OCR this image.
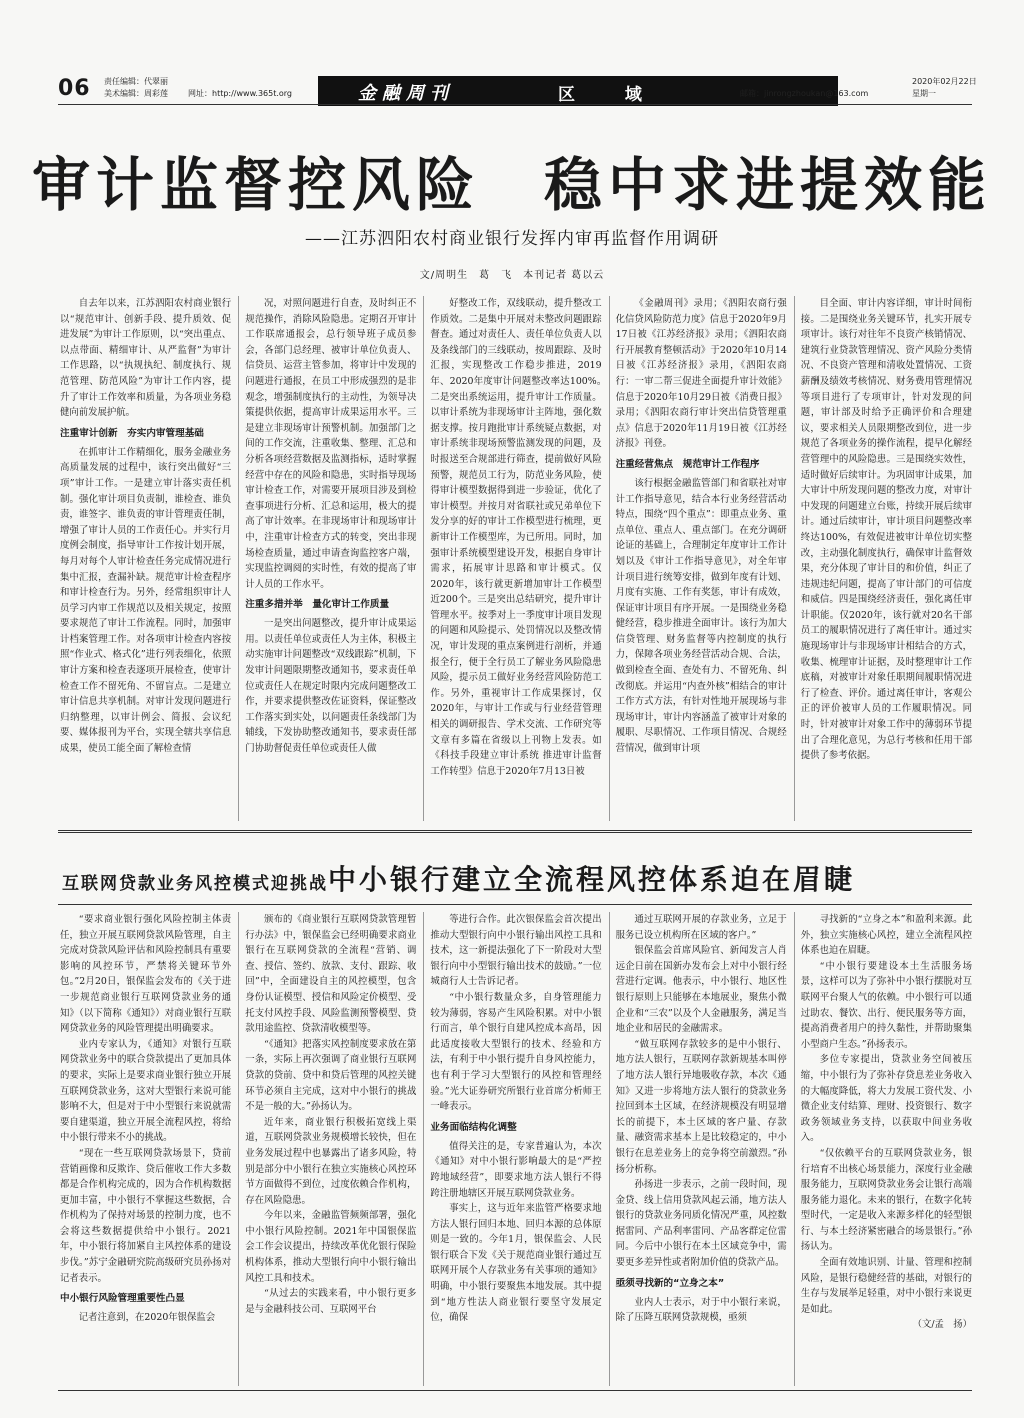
06 责任编辑：代翠丽
美术编辑：周彩莲	网址：http://www.365t.org	金融周刊	区 域	邮箱：jinrongzhoukan@163.com
2020年02月22日
星期一
审计监督控风险　稳中求进提效能
——江苏泗阳农村商业银行发挥内审再监督作用调研
文/周明生　葛　飞　本刊记者 葛以云

自去年以来，江苏泗阳农村商业银行以“规范审计、创新手段、提升质效、促进发展”为审计工作原则，以“突出重点、以点带面、精细审计、从严监督”为审计工作思路，以“执规执纪、制度执行、规范管理、防范风险”为审计工作内容，提升了审计工作效率和质量，为各项业务稳健向前发展护航。

注重审计创新　夯实内审管理基础

在抓审计工作精细化，服务金融业务高质量发展的过程中，该行突出做好“三项”审计工作。一是建立审计落实责任机制。强化审计项目负责制，谁检查、谁负责，谁签字、谁负责的审计管理责任制，增强了审计人员的工作责任心。并实行月度例会制度，指导审计工作按计划开展，每月对每个人审计检查任务完成情况进行集中汇报，查漏补缺。规范审计检查程序和审计检查行为。另外，经常组织审计人员学习内审工作规范以及相关规定，按照要求规范了审计工作流程。同时，加强审计档案管理工作。对各项审计检查内容按照“作业式、格式化”进行列表细化，依照审计方案和检查表逐项开展检查，使审计检查工作不留死角、不留盲点。二是建立审计信息共享机制。对审计发现问题进行归纳整理，以审计例会、简报、会议纪要、媒体报刊为平台，实现全辖共享信息成果，使员工能全面了解检查情

况，对照问题进行自查，及时纠正不规范操作，消除风险隐患。定期召开审计工作联席通报会，总行领导班子成员参会，各部门总经理、被审计单位负责人、信贷员、运营主管参加，将审计中发现的问题进行通报，在员工中形成强烈的是非观念，增强制度执行的主动性，为领导决策提供依据，提高审计成果运用水平。三是建立非现场审计预警机制。加强部门之间的工作交流，注重收集、整理、汇总和分析各项经营数据及监测指标，适时掌握经营中存在的风险和隐患，实时指导现场审计检查工作，对需要开展项目涉及到检查事项进行分析、汇总和运用，极大的提高了审计效率。在非现场审计和现场审计中，注重审计检查方式的转变，突出非现场检查质量，通过申请查询监控客户端，实现监控调阅的实时性，有效的提高了审计人员的工作水平。

注重多措并举　量化审计工作质量

一是突出问题整改，提升审计成果运用。以责任单位或责任人为主体，积极主动实施审计问题整改“双线跟踪”机制，下发审计问题限期整改通知书，要求责任单位或责任人在规定时限内完成问题整改工作，并要求提供整改佐证资料，保证整改工作落实到实处，以问题责任条线部门为辅线，下发协助整改通知书，要求责任部门协助督促责任单位或责任人做

好整改工作，双线联动，提升整改工作质效。二是集中开展对未整改问题跟踪督查。通过对责任人、责任单位负责人以及条线部门的三线联动，按周跟踪、及时汇报，实现整改工作稳步推进，2019年、2020年度审计问题整改率达100%。　二是突出系统运用，提升审计工作质量。以审计系统为非现场审计主阵地，强化数据支撑。按月跑批审计系统疑点数据，对审计系统非现场预警监测发现的问题，及时报送至合规部进行筛查，提前做好风险预警，规范员工行为，防范业务风险，使得审计模型数据得到进一步验证，优化了审计模型。并按月对省联社或兄弟单位下发分享的好的审计工作模型进行梳理，更新审计工作模型库，为已所用。同时，加强审计系统模型建设开发，根据自身审计需求，拓展审计思路和审计模式。仅2020年，该行就更新增加审计工作模型近200个。三是突出总结研究，提升审计管理水平。按季对上一季度审计项目发现的问题和风险提示、处罚情况以及整改情况，审计发现的重点案例进行剖析，并通报全行，便于全行员工了解业务风险隐患风险，提示员工做好业务经营风险防范工作。另外，重视审计工作成果探讨，仅2020年，与审计工作或与行业经营管理相关的调研报告、学术交流、工作研究等文章有多篇在省级以上刊物上发表。如《科技手段建立审计系统 推进审计监督工作转型》信息于2020年7月13日被

《金融周刊》录用；《泗阳农商行强化信贷风险防范力度》信息于2020年9月17日被《江苏经济报》录用；《泗阳农商行开展教育整顿活动》于2020年10月14日被《江苏经济报》录用，《泗阳农商行：一审二帮三促进全面提升审计效能》信息于2020年10月29日被《消费日报》录用；《泗阳农商行审计突出信贷管理重点》信息于2020年11月19日被《江苏经济报》刊登。

注重经营焦点　规范审计工作程序

该行根据金融监管部门和省联社对审计工作指导意见，结合本行业务经营活动特点，围绕“四个重点”：即重点业务、重点单位、重点人、重点部门。在充分调研论证的基础上，合理制定年度审计工作计划以及《审计工作指导意见》，对全年审计项目进行统筹安排，做到年度有计划、月度有实施、工作有奖惩，审计有成效，保证审计项目有序开展。一是围绕业务稳健经营，稳步推进全面审计。该行为加大信贷管理、财务监督等内控制度的执行力，保障各项业务经营活动合规、合法，做到检查全面、查处有力、不留死角、纠改彻底。并运用“内查外核”相结合的审计工作方式方法，有针对性地开展现场与非现场审计，审计内容涵盖了被审计对象的履职、尽职情况、工作项目情况、合规经营情况，做到审计项

目全面、审计内容详细，审计时间衔接。二是围绕业务关键环节，扎实开展专项审计。该行对往年不良资产核销情况、建筑行业贷款管理情况、资产风险分类情况、不良资产管理和清收处置情况、工资薪酬及绩效考核情况、财务费用管理情况等项目进行了专项审计，针对发现的问题，审计部及时给予正确评价和合理建议，要求相关人员限期整改到位，进一步规范了各项业务的操作流程，提早化解经营管理中的风险隐患。三是围绕实效性，适时做好后续审计。为巩固审计成果，加大审计中所发现问题的整改力度，对审计中发现的问题建立台账，持续开展后续审计。通过后续审计，审计项目问题整改率终达100%，有效促进被审计单位切实整改，主动强化制度执行，确保审计监督效果，充分体现了审计目的和价值，纠正了违规违纪问题，提高了审计部门的可信度和威信。四是围绕经济责任，强化离任审计职能。仅2020年，该行就对20名干部员工的履职情况进行了离任审计。通过实施现场审计与非现场审计相结合的方式，收集、梳理审计证据，及时整理审计工作底稿，对被审计对象任职期间履职情况进行了检查、评价。通过离任审计，客观公正的评价被审人员的工作履职情况。同时，针对被审计对象工作中的薄弱环节提出了合理化意见，为总行考核和任用干部提供了参考依据。

互联网贷款业务风控模式迎挑战中小银行建立全流程风控体系迫在眉睫

“要求商业银行强化风险控制主体责任，独立开展互联网贷款风险管理，自主完成对贷款风险评估和风险控制具有重要影响的风控环节，严禁将关键环节外包。”2月20日，银保监会发布的《关于进一步规范商业银行互联网贷款业务的通知》（以下简称《通知》）对商业银行互联网贷款业务的风险管理提出明确要求。

业内专家认为，《通知》对银行互联网贷款业务中的联合贷款提出了更加具体的要求，实际上是要求商业银行独立开展互联网贷款业务，这对大型银行来说可能影响不大，但是对于中小型银行来说就需要自建渠道，独立开展全流程风控，将给中小银行带来不小的挑战。

“现在一些互联网贷款场景下，贷前营销画像和反欺诈、贷后催收工作大多数都是合作机构完成的，因为合作机构数据更加丰富，中小银行不掌握这些数据，合作机构为了保持对场景的控制力度，也不会将这些数据提供给中小银行。2021年，中小银行将加紧自主风控体系的建设步伐。”苏宁金融研究院高级研究员孙扬对记者表示。

中小银行风险管理重要性凸显

记者注意到，在2020年银保监会

颁布的《商业银行互联网贷款管理暂行办法》中，银保监会已经明确要求商业银行在互联网贷款的全流程“营销、调查、授信、签约、放款、支付、跟踪、收回”中，全面建设自主的风控模型，包含身份认证模型、授信和风险定价模型、受托支付风控手段、风险监测预警模型、贷款用途监控、贷款清收模型等。

“《通知》把落实风控制度要求放在第一条，实际上再次强调了商业银行互联网贷款的贷前、贷中和贷后管理的风控关键环节必须自主完成，这对中小银行的挑战不是一般的大。”孙扬认为。

近年来，商业银行积极拓宽线上渠道，互联网贷款业务规模增长较快，但在业务发展过程中也暴露出了诸多风险，特别是部分中小银行在独立实施核心风控环节方面做得不到位，过度依赖合作机构，存在风险隐患。

今年以来，金融监管频频部署，强化中小银行风险控制。2021年中国银保监会工作会议提出，持续改革优化银行保险机构体系，推动大型银行向中小银行输出风控工具和技术。

“从过去的实践来看，中小银行更多是与金融科技公司、互联网平台

等进行合作。此次银保监会首次提出推动大型银行向中小银行输出风控工具和技术，这一新提法强化了下一阶段对大型银行向中小型银行输出技术的鼓励。”一位城商行人士告诉记者。

“中小银行数量众多，自身管理能力较为薄弱，容易产生风险积累。对中小银行而言，单个银行自建风控成本高昂，因此适度接收大型银行的技术、经验和方法，有利于中小银行提升自身风控能力，也有利于学习大型银行的风控和管理经验。”光大证券研究所银行业首席分析师王一峰表示。

业务面临结构化调整

值得关注的是，专家普遍认为，本次《通知》对中小银行影响最大的是“严控跨地域经营”，即要求地方法人银行不得跨注册地辖区开展互联网贷款业务。

事实上，这与近年来监管严格要求地方法人银行回归本地、回归本源的总体原则是一致的。今年1月，银保监会、人民银行联合下发《关于规范商业银行通过互联网开展个人存款业务有关事项的通知》明确，中小银行要聚焦本地发展。其中提到“地方性法人商业银行要坚守发展定位，确保

通过互联网开展的存款业务，立足于服务已设立机构所在区域的客户。”

银保监会首席风险官、新闻发言人肖远企日前在国新办发布会上对中小银行经营进行定调。他表示，中小银行、地区性银行原则上只能够在本地展业，聚焦小微企业和“三农”以及个人金融服务，满足当地企业和居民的金融需求。

“做互联网存款较多的是中小银行、地方法人银行，互联网存款新规基本叫停了地方法人银行异地吸收存款，本次《通知》又进一步将地方法人银行的贷款业务拉回到本土区域，在经济规模没有明显增长的前提下，本土区域的客户量、存款量、融资需求基本上是比较稳定的，中小银行在息差业务上的竞争将空前激烈。”孙扬分析称。

孙扬进一步表示，之前一段时间，现金贷、线上信用贷款风起云涌，地方法人银行的贷款业务同质化情况严重，风控数据雷同、产品利率雷同、产品客群定位雷同。今后中小银行在本土区域竞争中，需要更多差异性或者附加价值的贷款产品。

亟须寻找新的“立身之本”

业内人士表示，对于中小银行来说，除了压降互联网贷款规模，亟须

寻找新的“立身之本”和盈利来源。此外，独立实施核心风控，建立全流程风控体系也迫在眉睫。

“中小银行要建设本土生活服务场景，这样可以为了弥补中小银行摆脱对互联网平台聚人气的依赖。中小银行可以通过助农、餐饮、出行、便民服务等方面，提高消费者用户的持久黏性，并帮助聚集小型商户生态。”孙扬表示。

多位专家提出，贷款业务空间被压缩，中小银行为了弥补存贷息差业务收入的大幅度降低，将大力发展工资代发、小微企业支付结算、理财、投资银行、数字政务领域业务支持，以获取中间业务收入。

“仅依赖平台的互联网贷款业务，银行培育不出核心场景能力，深度行业金融服务能力，互联网贷款业务会让银行高端服务能力退化。未来的银行，在数字化转型时代，一定是收入来源多样化的轻型银行、与本土经济紧密融合的场景银行。”孙扬认为。

全面有效地识别、计量、管理和控制风险，是银行稳健经营的基础，对银行的生存与发展举足轻重，对中小银行来说更是如此。

（文/孟　扬）
